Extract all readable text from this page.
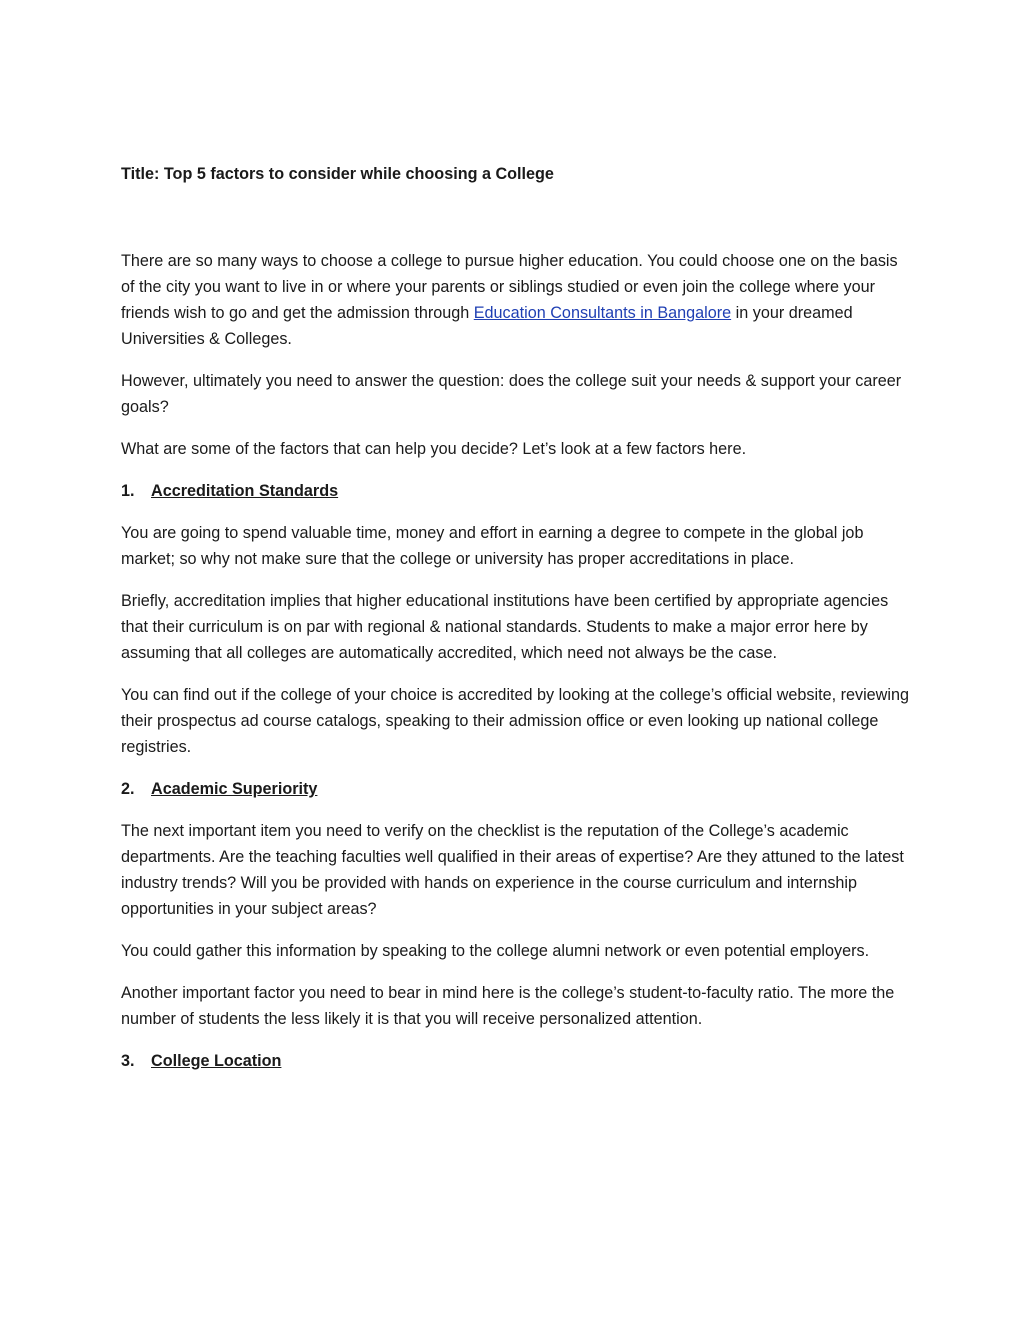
Title: Top 5 factors to consider while choosing a College

There are so many ways to choose a college to pursue higher education. You could choose one on the basis of the city you want to live in or where your parents or siblings studied or even join the college where your friends wish to go and get the admission through Education Consultants in Bangalore in your dreamed Universities & Colleges.

However, ultimately you need to answer the question: does the college suit your needs & support your career goals?

What are some of the factors that can help you decide? Let’s look at a few factors here.

1.	Accreditation Standards

You are going to spend valuable time, money and effort in earning a degree to compete in the global job market; so why not make sure that the college or university has proper accreditations in place.

Briefly, accreditation implies that higher educational institutions have been certified by appropriate agencies that their curriculum is on par with regional & national standards. Students to make a major error here by assuming that all colleges are automatically accredited, which need not always be the case.

You can find out if the college of your choice is accredited by looking at the college’s official website, reviewing their prospectus ad course catalogs, speaking to their admission office or even looking up national college registries.

2.	Academic Superiority

The next important item you need to verify on the checklist is the reputation of the College’s academic departments. Are the teaching faculties well qualified in their areas of expertise? Are they attuned to the latest industry trends? Will you be provided with hands on experience in the course curriculum and internship opportunities in your subject areas?

You could gather this information by speaking to the college alumni network or even potential employers.

Another important factor you need to bear in mind here is the college’s student-to-faculty ratio. The more the number of students the less likely it is that you will receive personalized attention.

3.	College Location
